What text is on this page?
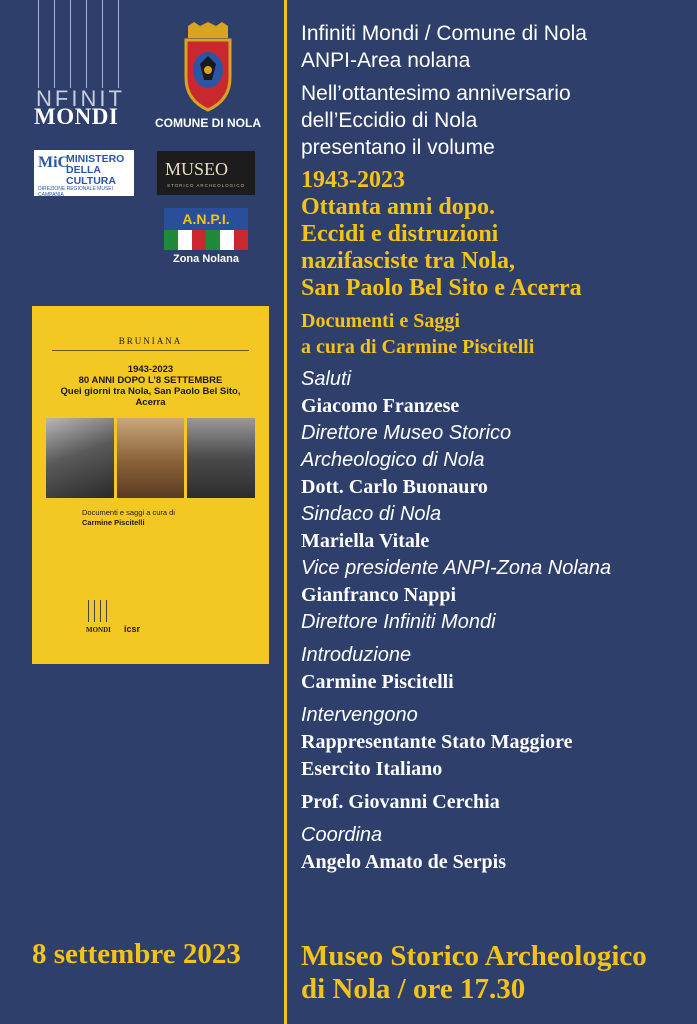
NFINIT
MONDI	COMUNE DI NOLA
MiC
MINISTERO
DELLA
CULTURA
DIREZIONE REGIONALE MUSEI CAMPANIA
MUSEO
STORICO ARCHEOLOGICO
A.N.P.I.
Zona Nolana
BRUNIANA
1943-2023
80 ANNI DOPO L’8 SETTEMBRE
Quei giorni tra Nola, San Paolo Bel Sito,
Acerra
Documenti e saggi a cura di
Carmine Piscitelli
MONDI icsr
8 settembre 2023
Infiniti Mondi / Comune di Nola
ANPI-Area nolana
Nell’ottantesimo anniversario
dell’Eccidio di Nola
presentano il volume
1943-2023
Ottanta anni dopo.
Eccidi e distruzioni
nazifasciste tra Nola,
San Paolo Bel Sito e Acerra
Documenti e Saggi
a cura di Carmine Piscitelli
Saluti
Giacomo Franzese
Direttore Museo Storico
Archeologico di Nola
Dott. Carlo Buonauro
Sindaco di Nola
Mariella Vitale
Vice presidente ANPI-Zona Nolana
Gianfranco Nappi
Direttore Infiniti Mondi
Introduzione
Carmine Piscitelli
Intervengono
Rappresentante Stato Maggiore
Esercito Italiano
Prof. Giovanni Cerchia
Coordina
Angelo Amato de Serpis
Museo Storico Archeologico
di Nola / ore 17.30
